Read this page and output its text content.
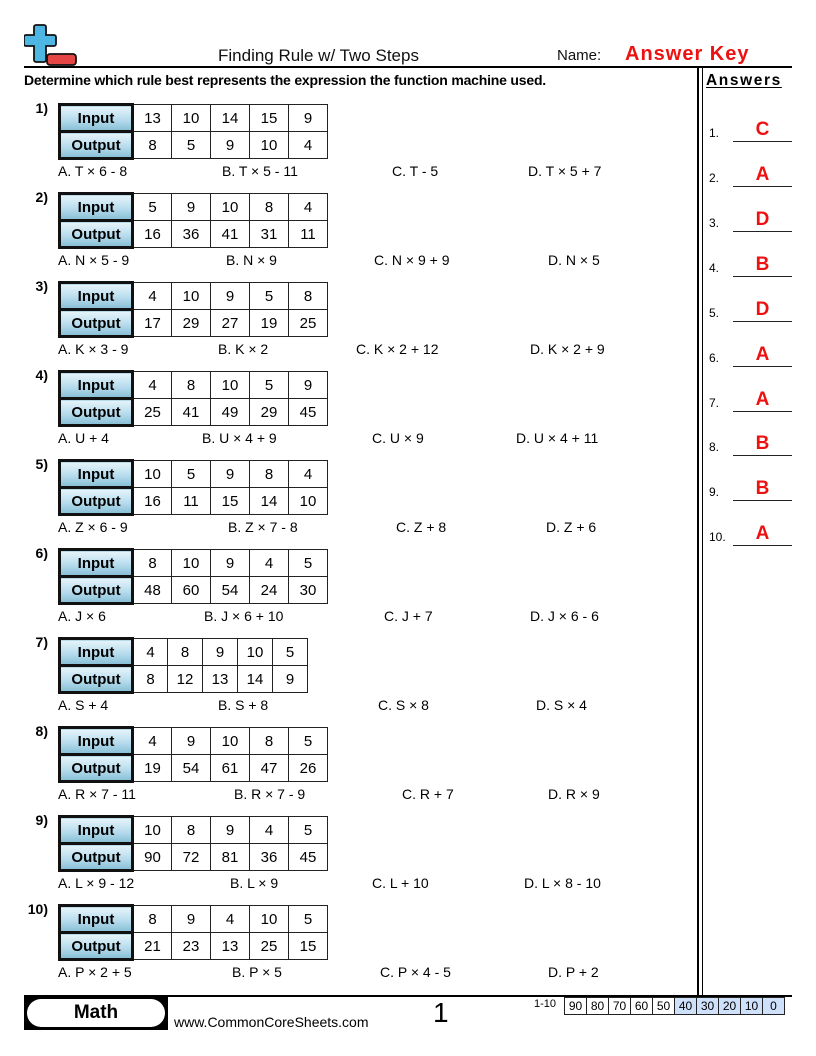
Finding Rule w/ Two Steps	Name: Answer Key
Determine which rule best represents the expression the function machine used.	Answers
1.	C
2.	A
3.	D
4.	B
5.	D
6.	A
7.	A
8.	B
9.	B
10.	A
1)
Input	13	10	14	15	9
Output	8	5	9	10	4
A. T × 6 - 8	B. T × 5 - 11	C. T - 5	D. T × 5 + 7
2)
Input	5	9	10	8	4
Output	16	36	41	31	11
A. N × 5 - 9	B. N × 9	C. N × 9 + 9	D. N × 5
3)
Input	4	10	9	5	8
Output	17	29	27	19	25
A. K × 3 - 9	B. K × 2	C. K × 2 + 12	D. K × 2 + 9
4)
Input	4	8	10	5	9
Output	25	41	49	29	45
A. U + 4	B. U × 4 + 9	C. U × 9	D. U × 4 + 11
5)
Input	10	5	9	8	4
Output	16	11	15	14	10
A. Z × 6 - 9	B. Z × 7 - 8	C. Z + 8	D. Z + 6
6)
Input	8	10	9	4	5
Output	48	60	54	24	30
A. J × 6	B. J × 6 + 10	C. J + 7	D. J × 6 - 6
7)
Input	4	8	9	10	5
Output	8	12	13	14	9
A. S + 4	B. S + 8	C. S × 8	D. S × 4
8)
Input	4	9	10	8	5
Output	19	54	61	47	26
A. R × 7 - 11	B. R × 7 - 9	C. R + 7	D. R × 9
9)
Input	10	8	9	4	5
Output	90	72	81	36	45
A. L × 9 - 12	B. L × 9	C. L + 10	D. L × 8 - 10
10)
Input	8	9	4	10	5
Output	21	23	13	25	15
A. P × 2 + 5	B. P × 5	C. P × 4 - 5	D. P + 2
Math	www.CommonCoreSheets.com 1	1-10 90	80	70	60	50	40	30	20	10	0
